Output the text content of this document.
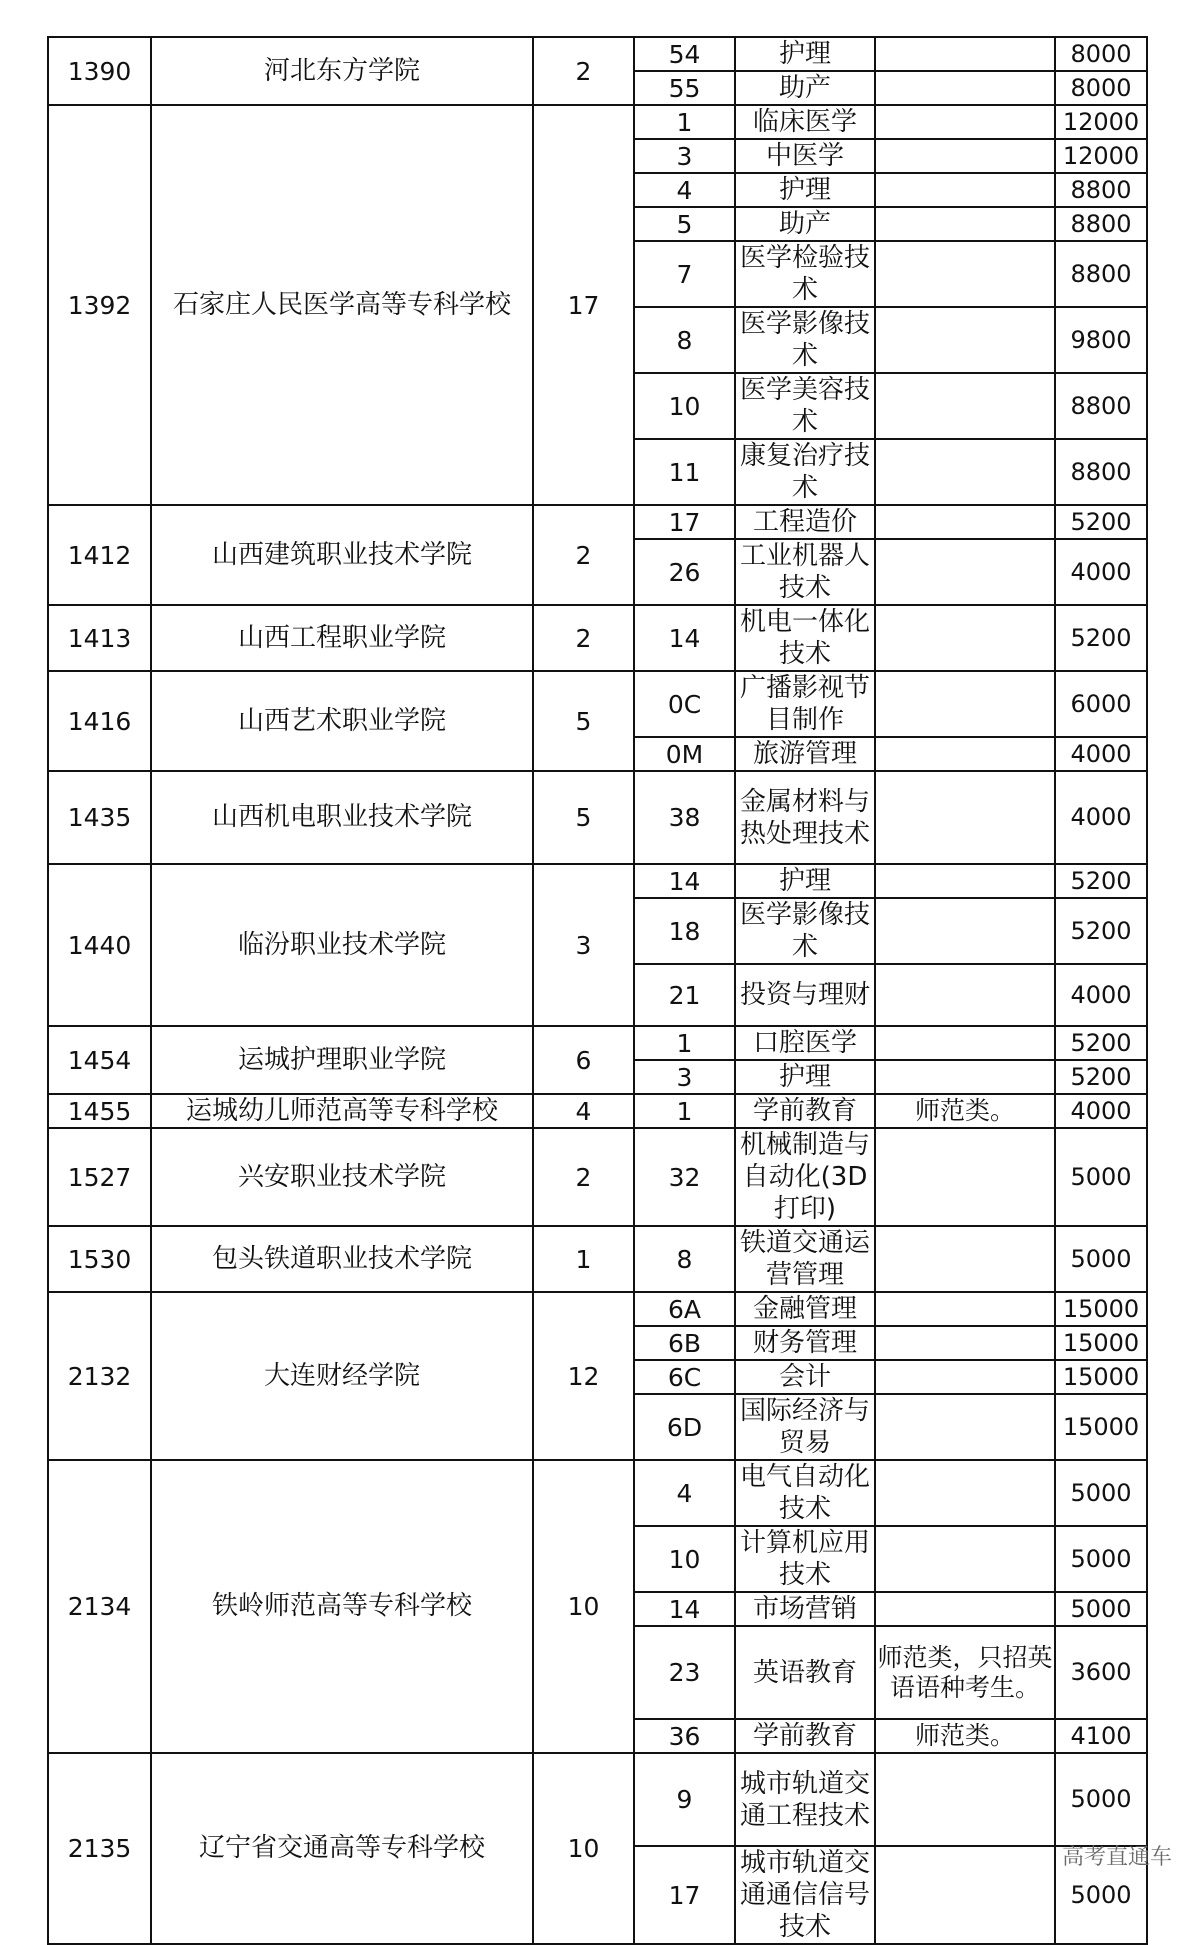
1390	河北东方学院	2	54	护理		8000
			55	助产		8000
1392	石家庄人民医学高等专科学校	17	1	临床医学		12000
			3	中医学		12000
			4	护理		8800
			5	助产		8800
			7	医学检验技术		8800
			8	医学影像技术		9800
			10	医学美容技术		8800
			11	康复治疗技术		8800
1412	山西建筑职业技术学院	2	17	工程造价		5200
			26	工业机器人技术		4000
1413	山西工程职业学院	2	14	机电一体化技术		5200
1416	山西艺术职业学院	5	0C	广播影视节目制作		6000
			0M	旅游管理		4000
1435	山西机电职业技术学院	5	38	金属材料与热处理技术		4000
1440	临汾职业技术学院	3	14	护理		5200
			18	医学影像技术		5200
			21	投资与理财		4000
1454	运城护理职业学院	6	1	口腔医学		5200
			3	护理		5200
1455	运城幼儿师范高等专科学校	4	1	学前教育	师范类。	4000
1527	兴安职业技术学院	2	32	机械制造与自动化(3D打印)		5000
1530	包头铁道职业技术学院	1	8	铁道交通运营管理		5000
2132	大连财经学院	12	6A	金融管理		15000
			6B	财务管理		15000
			6C	会计		15000
			6D	国际经济与贸易		15000
2134	铁岭师范高等专科学校	10	4	电气自动化技术		5000
			10	计算机应用技术		5000
			14	市场营销		5000
			23	英语教育	师范类，只招英语语种考生。	3600
			36	学前教育	师范类。	4100
2135	辽宁省交通高等专科学校	10	9	城市轨道交通工程技术		5000
			17	城市轨道交通通信信号技术		5000
高考直通车
